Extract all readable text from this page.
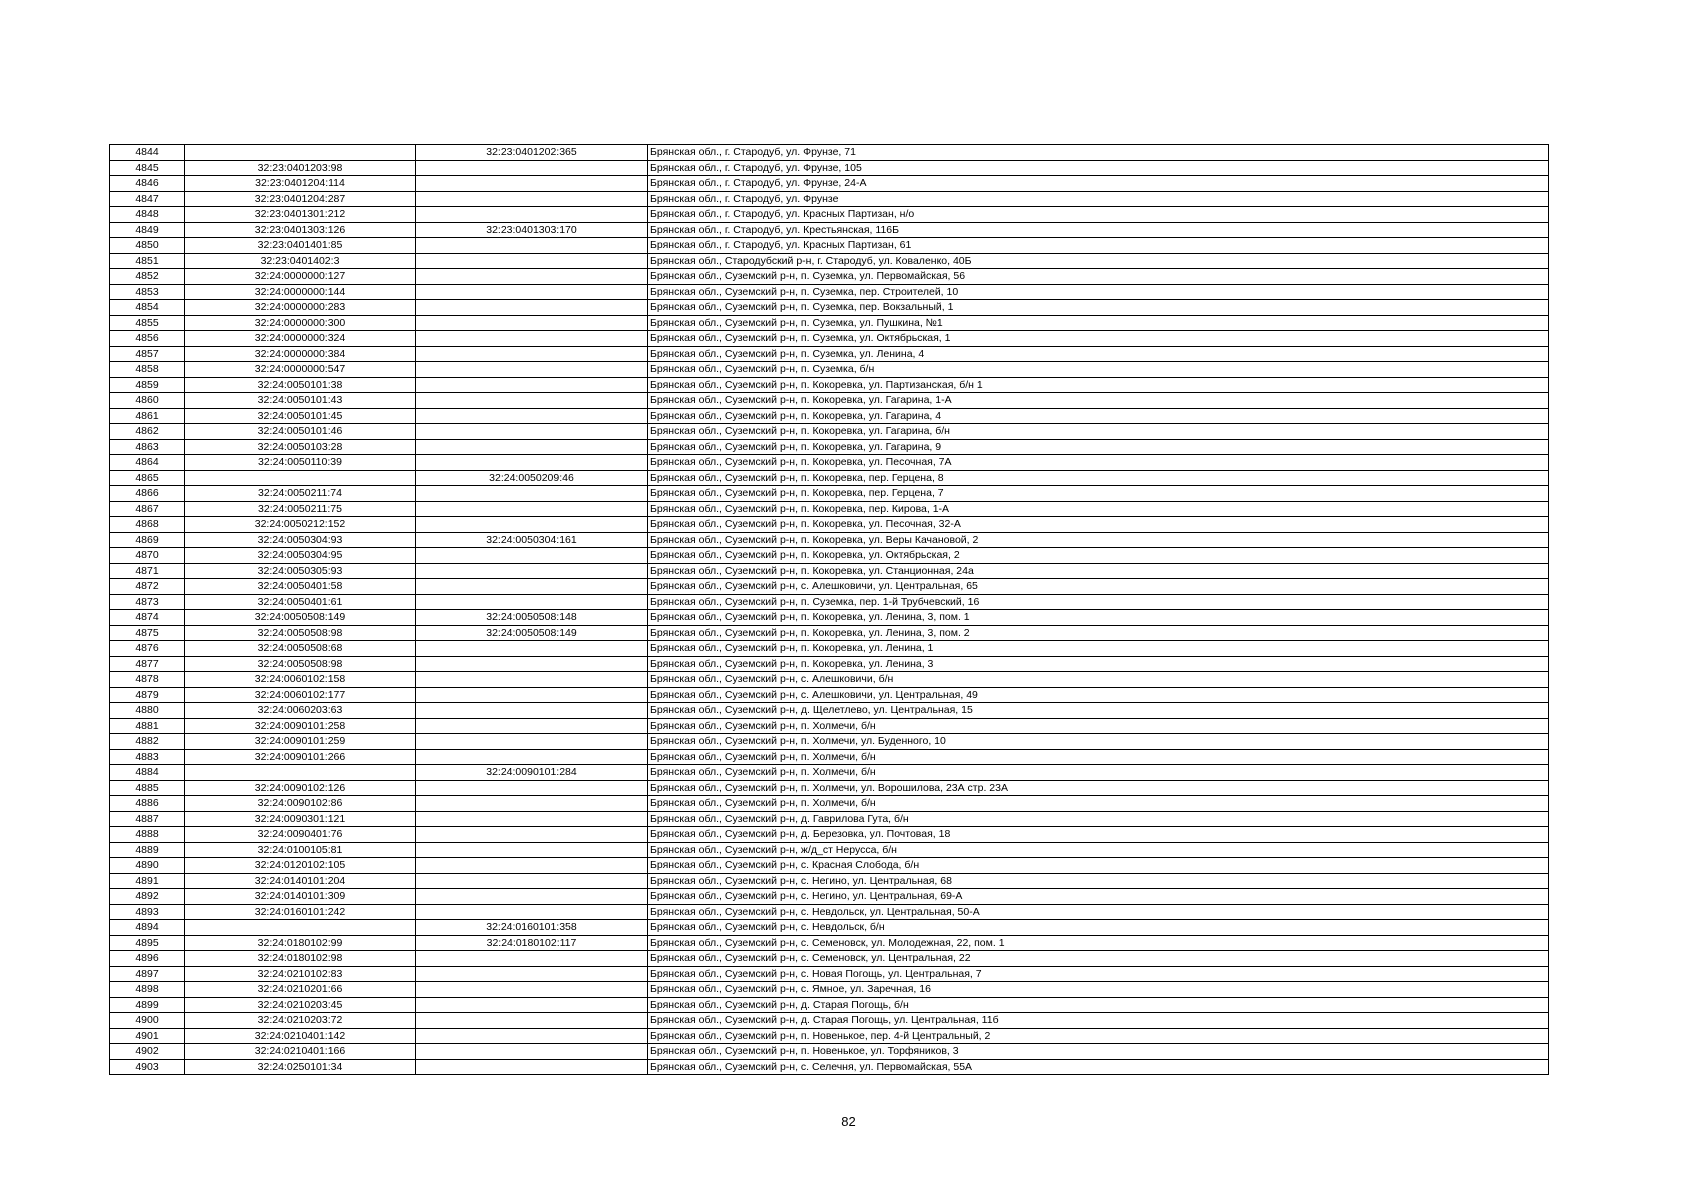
4844		32:23:0401202:365	Брянская обл., г. Стародуб, ул. Фрунзе, 71
4845	32:23:0401203:98		Брянская обл., г. Стародуб, ул. Фрунзе, 105
4846	32:23:0401204:114		Брянская обл., г. Стародуб, ул. Фрунзе, 24-А
4847	32:23:0401204:287		Брянская обл., г. Стародуб, ул. Фрунзе
4848	32:23:0401301:212		Брянская обл., г. Стародуб, ул. Красных Партизан, н/о
4849	32:23:0401303:126	32:23:0401303:170	Брянская обл., г. Стародуб, ул. Крестьянская, 116Б
4850	32:23:0401401:85		Брянская обл., г. Стародуб, ул. Красных Партизан, 61
4851	32:23:0401402:3		Брянская обл., Стародубский р-н, г. Стародуб, ул. Коваленко, 40Б
4852	32:24:0000000:127		Брянская обл., Суземский р-н, п. Суземка, ул. Первомайская, 56
4853	32:24:0000000:144		Брянская обл., Суземский р-н, п. Суземка, пер. Строителей, 10
4854	32:24:0000000:283		Брянская обл., Суземский р-н, п. Суземка, пер. Вокзальный, 1
4855	32:24:0000000:300		Брянская обл., Суземский р-н, п. Суземка, ул. Пушкина, №1
4856	32:24:0000000:324		Брянская обл., Суземский р-н, п. Суземка, ул. Октябрьская, 1
4857	32:24:0000000:384		Брянская обл., Суземский р-н, п. Суземка, ул. Ленина, 4
4858	32:24:0000000:547		Брянская обл., Суземский р-н, п. Суземка, б/н
4859	32:24:0050101:38		Брянская обл., Суземский р-н, п. Кокоревка, ул. Партизанская, б/н 1
4860	32:24:0050101:43		Брянская обл., Суземский р-н, п. Кокоревка, ул. Гагарина, 1-А
4861	32:24:0050101:45		Брянская обл., Суземский р-н, п. Кокоревка, ул. Гагарина, 4
4862	32:24:0050101:46		Брянская обл., Суземский р-н, п. Кокоревка, ул. Гагарина, б/н
4863	32:24:0050103:28		Брянская обл., Суземский р-н, п. Кокоревка, ул. Гагарина, 9
4864	32:24:0050110:39		Брянская обл., Суземский р-н, п. Кокоревка, ул. Песочная, 7А
4865		32:24:0050209:46	Брянская обл., Суземский р-н, п. Кокоревка, пер. Герцена, 8
4866	32:24:0050211:74		Брянская обл., Суземский р-н, п. Кокоревка, пер. Герцена, 7
4867	32:24:0050211:75		Брянская обл., Суземский р-н, п. Кокоревка, пер. Кирова, 1-А
4868	32:24:0050212:152		Брянская обл., Суземский р-н, п. Кокоревка, ул. Песочная, 32-А
4869	32:24:0050304:93	32:24:0050304:161	Брянская обл., Суземский р-н, п. Кокоревка, ул. Веры Качановой, 2
4870	32:24:0050304:95		Брянская обл., Суземский р-н, п. Кокоревка, ул. Октябрьская, 2
4871	32:24:0050305:93		Брянская обл., Суземский р-н, п. Кокоревка, ул. Станционная, 24а
4872	32:24:0050401:58		Брянская обл., Суземский р-н, с. Алешковичи, ул. Центральная, 65
4873	32:24:0050401:61		Брянская обл., Суземский р-н, п. Суземка, пер. 1-й Трубчевский, 16
4874	32:24:0050508:149	32:24:0050508:148	Брянская обл., Суземский р-н, п. Кокоревка, ул. Ленина, 3, пом. 1
4875	32:24:0050508:98	32:24:0050508:149	Брянская обл., Суземский р-н, п. Кокоревка, ул. Ленина, 3, пом. 2
4876	32:24:0050508:68		Брянская обл., Суземский р-н, п. Кокоревка, ул. Ленина, 1
4877	32:24:0050508:98		Брянская обл., Суземский р-н, п. Кокоревка, ул. Ленина, 3
4878	32:24:0060102:158		Брянская обл., Суземский р-н, с. Алешковичи, б/н
4879	32:24:0060102:177		Брянская обл., Суземский р-н, с. Алешковичи, ул. Центральная, 49
4880	32:24:0060203:63		Брянская обл., Суземский р-н, д. Щелетлево, ул. Центральная, 15
4881	32:24:0090101:258		Брянская обл., Суземский р-н, п. Холмечи, б/н
4882	32:24:0090101:259		Брянская обл., Суземский р-н, п. Холмечи, ул. Буденного, 10
4883	32:24:0090101:266		Брянская обл., Суземский р-н, п. Холмечи, б/н
4884		32:24:0090101:284	Брянская обл., Суземский р-н, п. Холмечи, б/н
4885	32:24:0090102:126		Брянская обл., Суземский р-н, п. Холмечи, ул. Ворошилова, 23А стр. 23А
4886	32:24:0090102:86		Брянская обл., Суземский р-н, п. Холмечи, б/н
4887	32:24:0090301:121		Брянская обл., Суземский р-н, д. Гаврилова Гута, б/н
4888	32:24:0090401:76		Брянская обл., Суземский р-н, д. Березовка, ул. Почтовая, 18
4889	32:24:0100105:81		Брянская обл., Суземский р-н, ж/д_ст Нерусса, б/н
4890	32:24:0120102:105		Брянская обл., Суземский р-н, с. Красная Слобода, б/н
4891	32:24:0140101:204		Брянская обл., Суземский р-н, с. Негино, ул. Центральная, 68
4892	32:24:0140101:309		Брянская обл., Суземский р-н, с. Негино, ул. Центральная, 69-А
4893	32:24:0160101:242		Брянская обл., Суземский р-н, с. Невдольск, ул. Центральная, 50-А
4894		32:24:0160101:358	Брянская обл., Суземский р-н, с. Невдольск, б/н
4895	32:24:0180102:99	32:24:0180102:117	Брянская обл., Суземский р-н, с. Семеновск, ул. Молодежная, 22, пом. 1
4896	32:24:0180102:98		Брянская обл., Суземский р-н, с. Семеновск, ул. Центральная, 22
4897	32:24:0210102:83		Брянская обл., Суземский р-н, с. Новая Погощь, ул. Центральная, 7
4898	32:24:0210201:66		Брянская обл., Суземский р-н, с. Ямное, ул. Заречная, 16
4899	32:24:0210203:45		Брянская обл., Суземский р-н, д. Старая Погощь, б/н
4900	32:24:0210203:72		Брянская обл., Суземский р-н, д. Старая Погощь, ул. Центральная, 11б
4901	32:24:0210401:142		Брянская обл., Суземский р-н, п. Новенькое, пер. 4-й Центральный, 2
4902	32:24:0210401:166		Брянская обл., Суземский р-н, п. Новенькое, ул. Торфяников, 3
4903	32:24:0250101:34		Брянская обл., Суземский р-н, с. Селечня, ул. Первомайская, 55А
82
